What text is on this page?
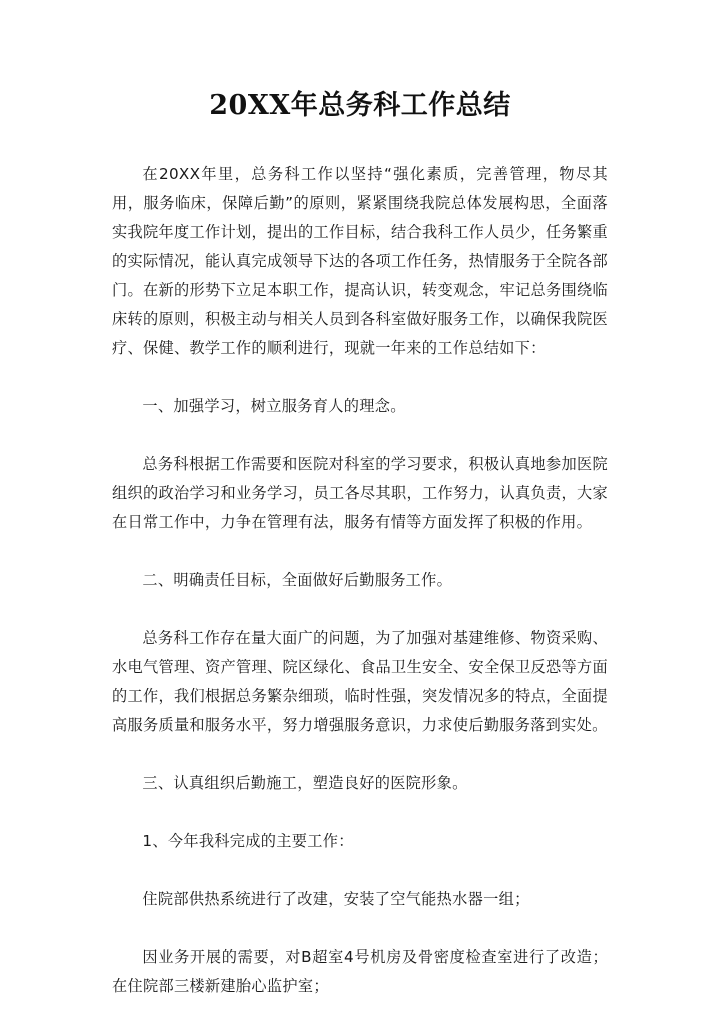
20XX年总务科工作总结

在20XX年里，总务科工作以坚持“强化素质，完善管理，物尽其用，服务临床，保障后勤”的原则，紧紧围绕我院总体发展构思，全面落实我院年度工作计划，提出的工作目标，结合我科工作人员少，任务繁重的实际情况，能认真完成领导下达的各项工作任务，热情服务于全院各部门。在新的形势下立足本职工作，提高认识，转变观念，牢记总务围绕临床转的原则，积极主动与相关人员到各科室做好服务工作，以确保我院医疗、保健、教学工作的顺利进行，现就一年来的工作总结如下：

一、加强学习，树立服务育人的理念。

总务科根据工作需要和医院对科室的学习要求，积极认真地参加医院组织的政治学习和业务学习，员工各尽其职，工作努力，认真负责，大家在日常工作中，力争在管理有法，服务有情等方面发挥了积极的作用。

二、明确责任目标，全面做好后勤服务工作。

总务科工作存在量大面广的问题，为了加强对基建维修、物资采购、水电气管理、资产管理、院区绿化、食品卫生安全、安全保卫反恐等方面的工作，我们根据总务繁杂细琐，临时性强，突发情况多的特点，全面提高服务质量和服务水平，努力增强服务意识，力求使后勤服务落到实处。

三、认真组织后勤施工，塑造良好的医院形象。

1、今年我科完成的主要工作：

住院部供热系统进行了改建，安装了空气能热水器一组；

因业务开展的需要，对B超室4号机房及骨密度检查室进行了改造；在住院部三楼新建胎心监护室；
